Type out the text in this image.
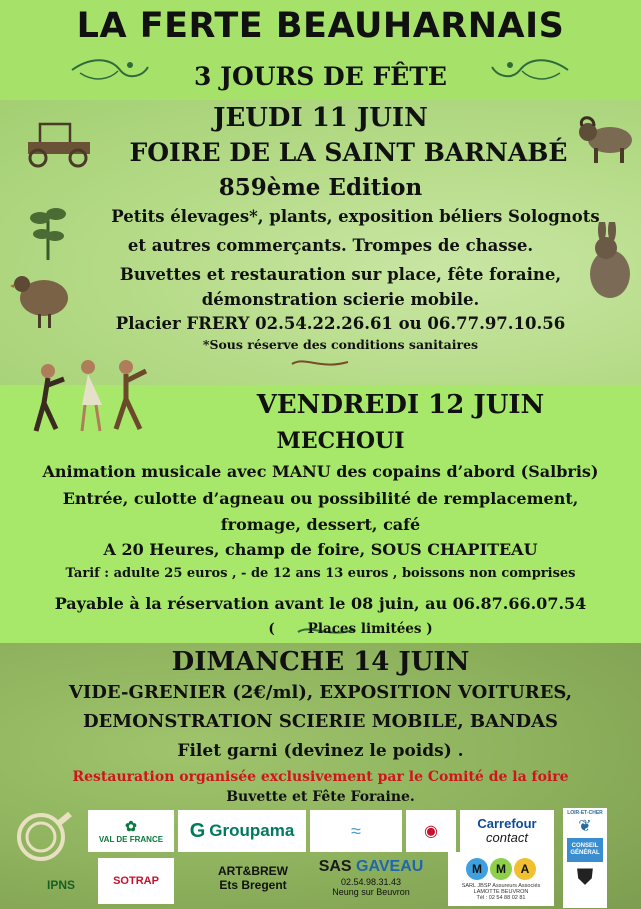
LA FERTE BEAUHARNAIS
3 JOURS DE FÊTE
JEUDI 11 JUIN
FOIRE DE LA SAINT BARNABÉ
859ème Edition
Petits élevages*, plants, exposition béliers Solognots
et autres commerçants. Trompes de chasse.
Buvettes et restauration sur place, fête foraine,
démonstration scierie mobile.
Placier FRERY 02.54.22.26.61 ou 06.77.97.10.56
*Sous réserve des conditions sanitaires
VENDREDI 12 JUIN
MECHOUI
Animation musicale avec MANU des copains d’abord (Salbris)
Entrée, culotte d’agneau ou possibilité de remplacement,
fromage, dessert, café
A 20 Heures, champ de foire, SOUS CHAPITEAU
Tarif : adulte 25 euros , - de 12 ans 13 euros , boissons non comprises
Payable à la réservation avant le 08 juin, au 06.87.66.07.54
(       Places limitées )
DIMANCHE 14 JUIN
VIDE-GRENIER (2€/ml), EXPOSITION VOITURES,
DEMONSTRATION SCIERIE MOBILE, BANDAS
Filet garni (devinez le poids) .
Restauration organisée exclusivement par le Comité de la foire
Buvette et Fête Foraine.
✿
VAL DE FRANCE G Groupama	≈	◉	Carrefour
contact
SOTRAP
ART&BREW
Ets Bregent
SAS GAVEAU
02.54.98.31.43
Neung sur Beuvron
M	M	A
SARL JBSP Assureurs Associés LAMOTTE BEUVRON
Tél : 02 54 88 02 81
LOIR-ET-CHER
❦
CONSEIL GÉNÉRAL
⛊
IPNS
